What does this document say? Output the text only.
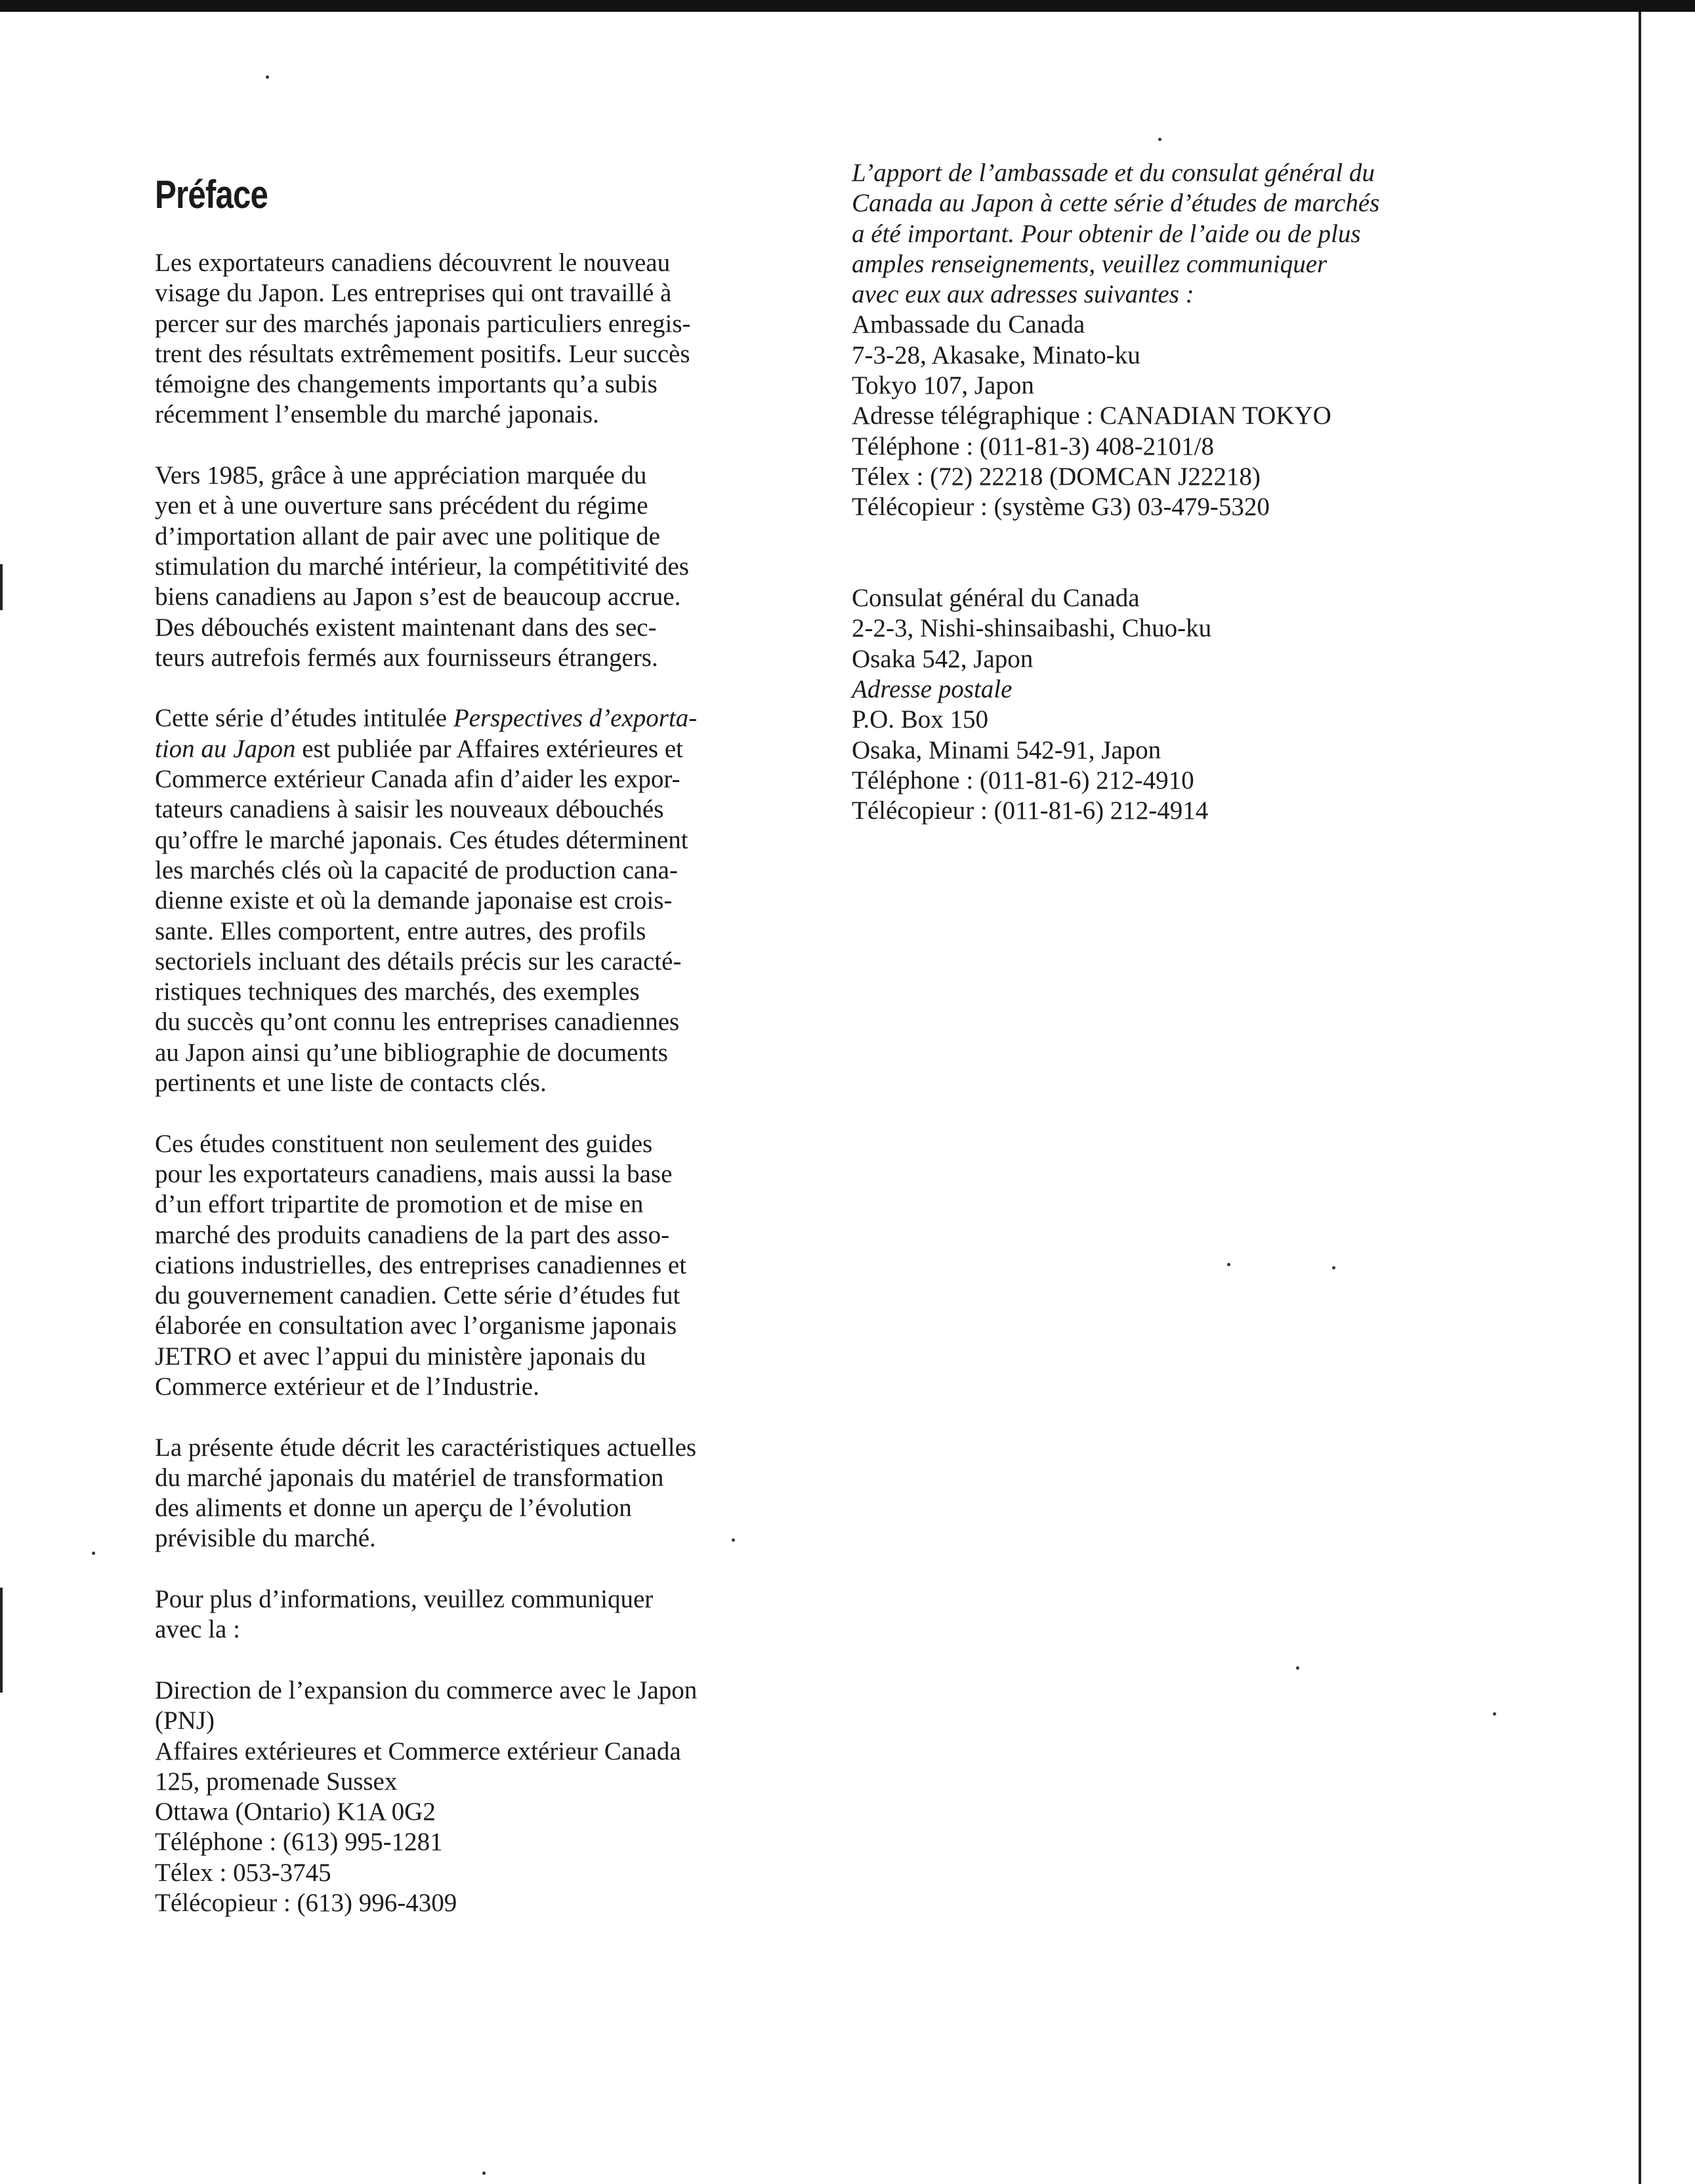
Préface

Les exportateurs canadiens découvrent le nouveau
visage du Japon. Les entreprises qui ont travaillé à
percer sur des marchés japonais particuliers enregis-
trent des résultats extrêmement positifs. Leur succès
témoigne des changements importants qu’a subis
récemment l’ensemble du marché japonais.

Vers 1985, grâce à une appréciation marquée du
yen et à une ouverture sans précédent du régime
d’importation allant de pair avec une politique de
stimulation du marché intérieur, la compétitivité des
biens canadiens au Japon s’est de beaucoup accrue.
Des débouchés existent maintenant dans des sec-
teurs autrefois fermés aux fournisseurs étrangers.

Cette série d’études intitulée Perspectives d’exporta-
tion au Japon est publiée par Affaires extérieures et
Commerce extérieur Canada afin d’aider les expor-
tateurs canadiens à saisir les nouveaux débouchés
qu’offre le marché japonais. Ces études déterminent
les marchés clés où la capacité de production cana-
dienne existe et où la demande japonaise est crois-
sante. Elles comportent, entre autres, des profils
sectoriels incluant des détails précis sur les caracté-
ristiques techniques des marchés, des exemples
du succès qu’ont connu les entreprises canadiennes
au Japon ainsi qu’une bibliographie de documents
pertinents et une liste de contacts clés.

Ces études constituent non seulement des guides
pour les exportateurs canadiens, mais aussi la base
d’un effort tripartite de promotion et de mise en
marché des produits canadiens de la part des asso-
ciations industrielles, des entreprises canadiennes et
du gouvernement canadien. Cette série d’études fut
élaborée en consultation avec l’organisme japonais
JETRO et avec l’appui du ministère japonais du
Commerce extérieur et de l’Industrie.

La présente étude décrit les caractéristiques actuelles
du marché japonais du matériel de transformation
des aliments et donne un aperçu de l’évolution
prévisible du marché.

Pour plus d’informations, veuillez communiquer
avec la :

Direction de l’expansion du commerce avec le Japon
(PNJ)
Affaires extérieures et Commerce extérieur Canada
125, promenade Sussex
Ottawa (Ontario) K1A 0G2
Téléphone : (613) 995-1281
Télex : 053-3745
Télécopieur : (613) 996-4309

L’apport de l’ambassade et du consulat général du
Canada au Japon à cette série d’études de marchés
a été important. Pour obtenir de l’aide ou de plus
amples renseignements, veuillez communiquer
avec eux aux adresses suivantes :

Ambassade du Canada
7-3-28, Akasake, Minato-ku
Tokyo 107, Japon
Adresse télégraphique : CANADIAN TOKYO
Téléphone : (011-81-3) 408-2101/8
Télex : (72) 22218 (DOMCAN J22218)
Télécopieur : (système G3) 03-479-5320

Consulat général du Canada
2-2-3, Nishi-shinsaibashi, Chuo-ku
Osaka 542, Japon
Adresse postale
P.O. Box 150
Osaka, Minami 542-91, Japon
Téléphone : (011-81-6) 212-4910
Télécopieur : (011-81-6) 212-4914
